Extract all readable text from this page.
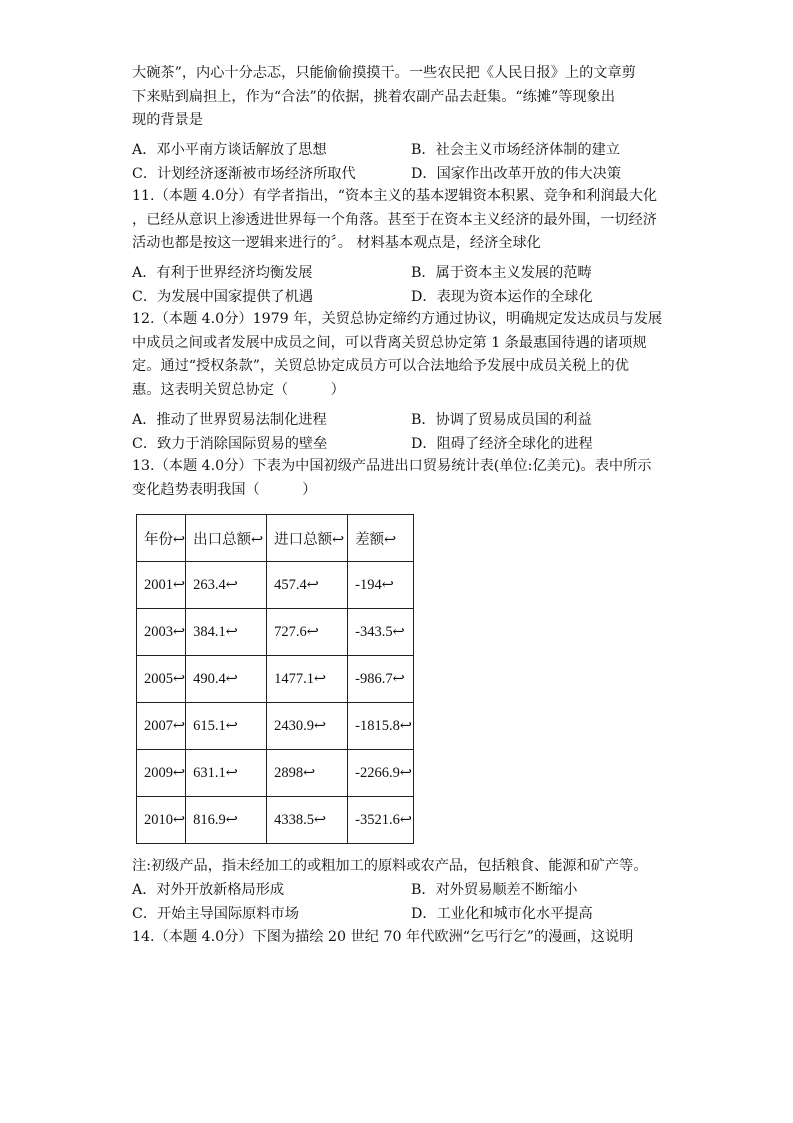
大碗茶”，内心十分忐忑，只能偷偷摸摸干。一些农民把《人民日报》上的文章剪
下来贴到扁担上，作为“合法”的依据，挑着农副产品去赶集。“练摊”等现象出
现的背景是
A．邓小平南方谈话解放了思想	B．社会主义市场经济体制的建立
C．计划经济逐渐被市场经济所取代	D．国家作出改革开放的伟大决策
11.（本题 4.0分）有学者指出，“资本主义的基本逻辑资本积累、竞争和利润最大化
，已经从意识上渗透进世界每一个角落。甚至于在资本主义经济的最外围，一切经济
活动也都是按这一逻辑来进行的〞。 材料基本观点是，经济全球化
A．有利于世界经济均衡发展	B．属于资本主义发展的范畴
C．为发展中国家提供了机遇	D．表现为资本运作的全球化
12.（本题 4.0分）1979 年，关贸总协定缔约方通过协议，明确规定发达成员与发展
中成员之间或者发展中成员之间，可以背离关贸总协定第 1 条最惠国待遇的诸项规
定。通过“授权条款”，关贸总协定成员方可以合法地给予发展中成员关税上的优
惠。这表明关贸总协定（　　　）
A．推动了世界贸易法制化进程	B．协调了贸易成员国的利益
C．致力于消除国际贸易的壁垒	D．阻碍了经济全球化的进程
13.（本题 4.0分）下表为中国初级产品进出口贸易统计表(单位:亿美元)。表中所示
变化趋势表明我国（　　　）
年份↩	出口总额↩	进口总额↩	差额↩
2001↩	263.4↩	457.4↩	-194↩
2003↩	384.1↩	727.6↩	-343.5↩
2005↩	490.4↩	1477.1↩	-986.7↩
2007↩	615.1↩	2430.9↩	-1815.8↩
2009↩	631.1↩	2898↩	-2266.9↩
2010↩	816.9↩	4338.5↩	-3521.6↩
注:初级产品，指未经加工的或粗加工的原料或农产品，包括粮食、能源和矿产等。
A．对外开放新格局形成	B．对外贸易顺差不断缩小
C．开始主导国际原料市场	D．工业化和城市化水平提高
14.（本题 4.0分）下图为描绘 20 世纪 70 年代欧洲“乞丐行乞”的漫画，这说明
